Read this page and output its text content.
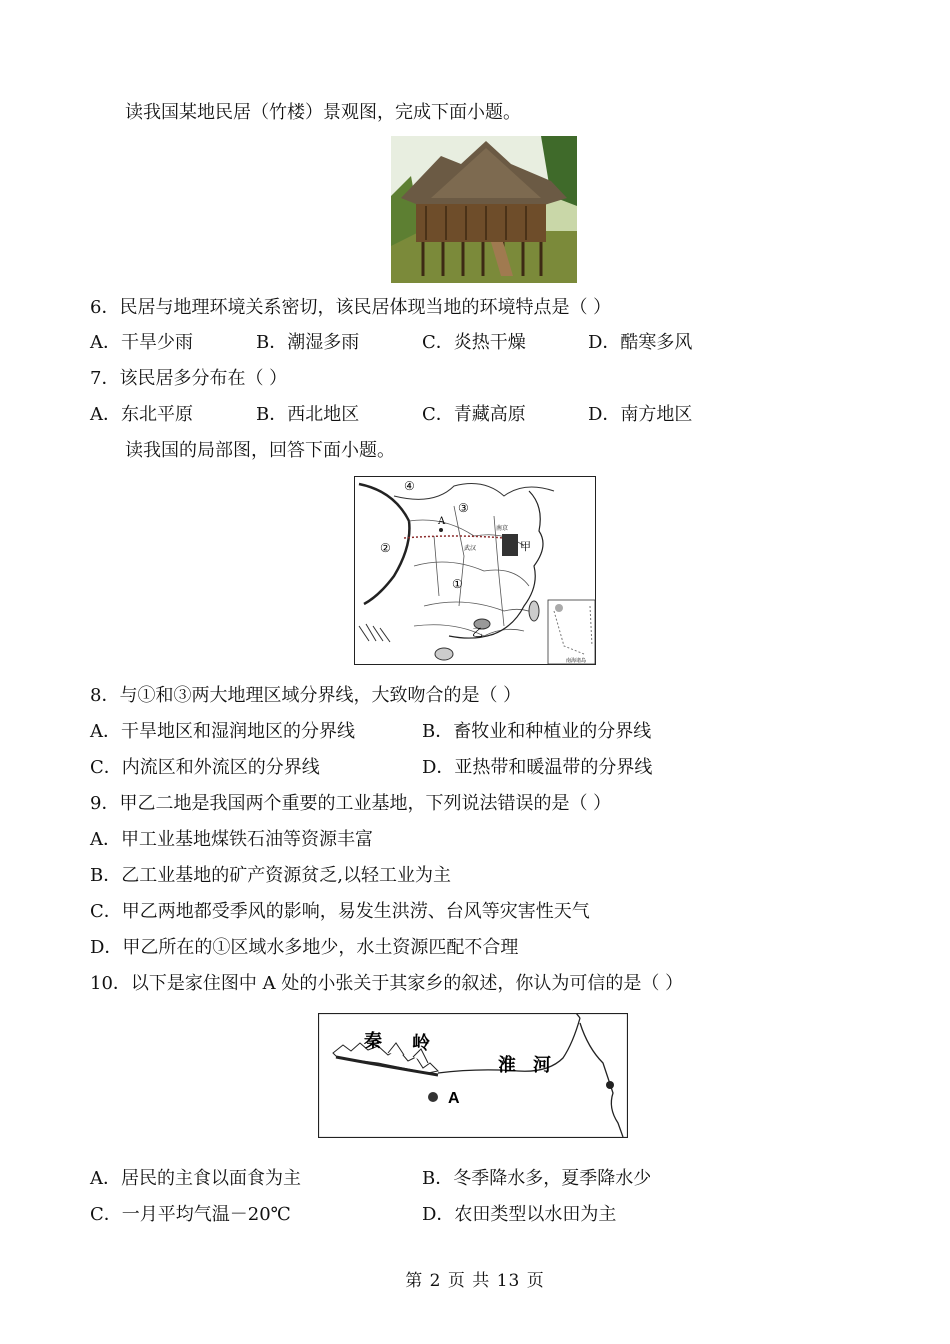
读我国某地民居（竹楼）景观图，完成下面小题。
6．民居与地理环境关系密切，该民居体现当地的环境特点是（ ）
A．干旱少雨	B．潮湿多雨	C．炎热干燥	D．酷寒多风
7．该民居多分布在（ ）
A．东北平原	B．西北地区	C．青藏高原	D．南方地区
读我国的局部图，回答下面小题。
④
③
②
①
A
甲
乙
南京
武汉
南海诸岛
8．与①和③两大地理区域分界线，大致吻合的是（ ）
A．干旱地区和湿润地区的分界线	B．畜牧业和种植业的分界线
C．内流区和外流区的分界线	D．亚热带和暖温带的分界线
9．甲乙二地是我国两个重要的工业基地，下列说法错误的是（ ）
A．甲工业基地煤铁石油等资源丰富
B．乙工业基地的矿产资源贫乏,以轻工业为主
C．甲乙两地都受季风的影响，易发生洪涝、台风等灾害性天气
D．甲乙所在的①区域水多地少，水土资源匹配不合理
10．以下是家住图中 A 处的小张关于其家乡的叙述，你认为可信的是（ ）
秦 岭
淮 河
A
A．居民的主食以面食为主	B．冬季降水多，夏季降水少
C．一月平均气温－20℃	D．农田类型以水田为主
第 2 页 共 13 页
